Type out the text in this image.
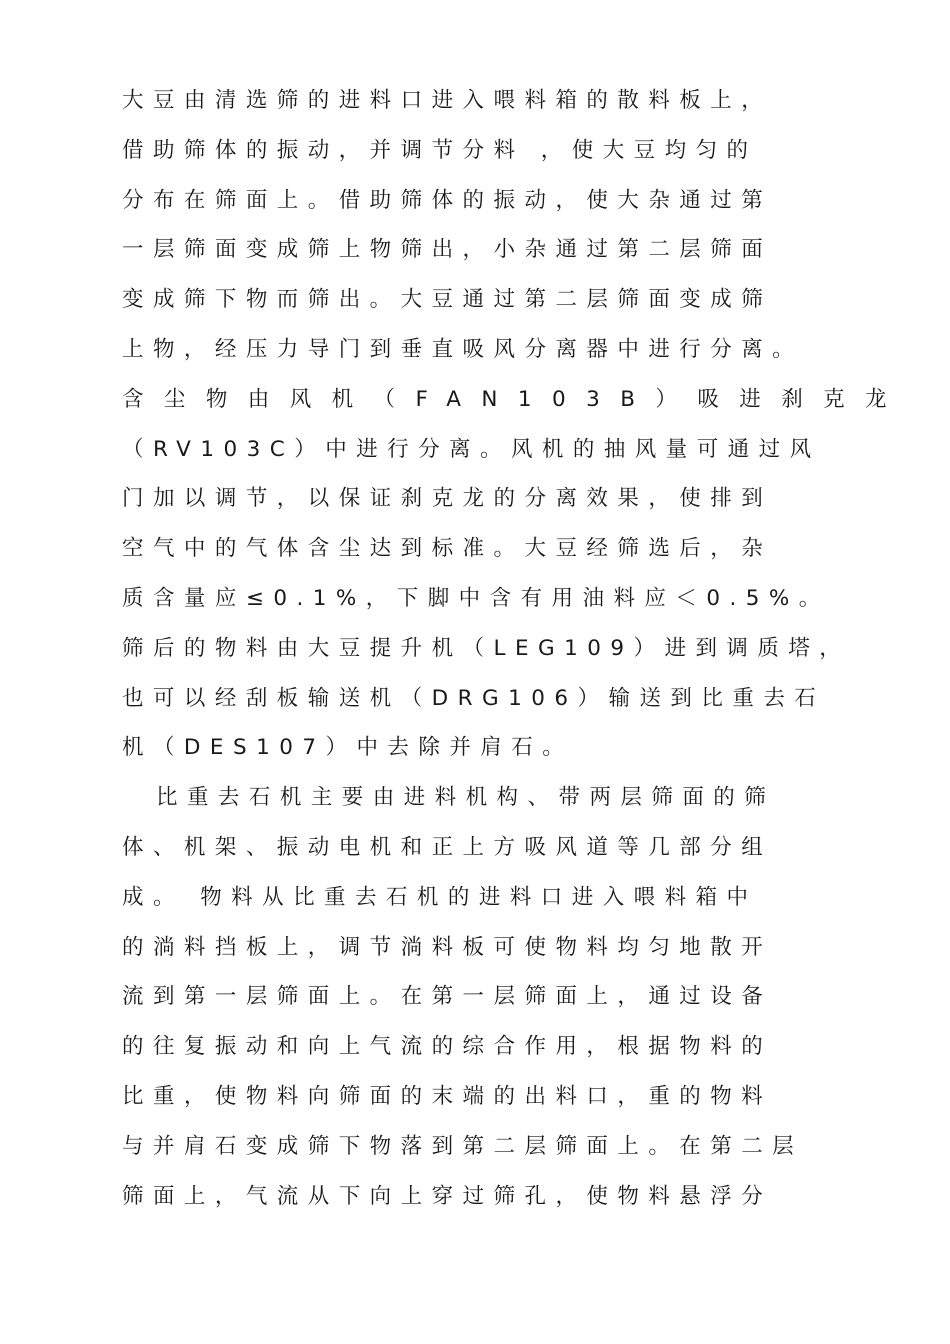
大豆由清选筛的进料口进入喂料箱的散料板上，
借助筛体的振动，并调节分料 ，使大豆均匀的
分布在筛面上。借助筛体的振动，使大杂通过第
一层筛面变成筛上物筛出，小杂通过第二层筛面
变成筛下物而筛出。大豆通过第二层筛面变成筛
上物，经压力导门到垂直吸风分离器中进行分离。
含尘物由风机（FAN103B）吸进刹克龙
（RV103C）中进行分离。风机的抽风量可通过风
门加以调节，以保证刹克龙的分离效果，使排到
空气中的气体含尘达到标准。大豆经筛选后，杂
质含量应≤0.1%，下脚中含有用油料应＜0.5%。
筛后的物料由大豆提升机（LEG109）进到调质塔，
也可以经刮板输送机（DRG106）输送到比重去石
机（DES107）中去除并肩石。
比重去石机主要由进料机构、带两层筛面的筛
体、机架、振动电机和正上方吸风道等几部分组
成。 物料从比重去石机的进料口进入喂料箱中
的淌料挡板上，调节淌料板可使物料均匀地散开
流到第一层筛面上。在第一层筛面上，通过设备
的往复振动和向上气流的综合作用，根据物料的
比重，使物料向筛面的末端的出料口，重的物料
与并肩石变成筛下物落到第二层筛面上。在第二层
筛面上，气流从下向上穿过筛孔，使物料悬浮分
